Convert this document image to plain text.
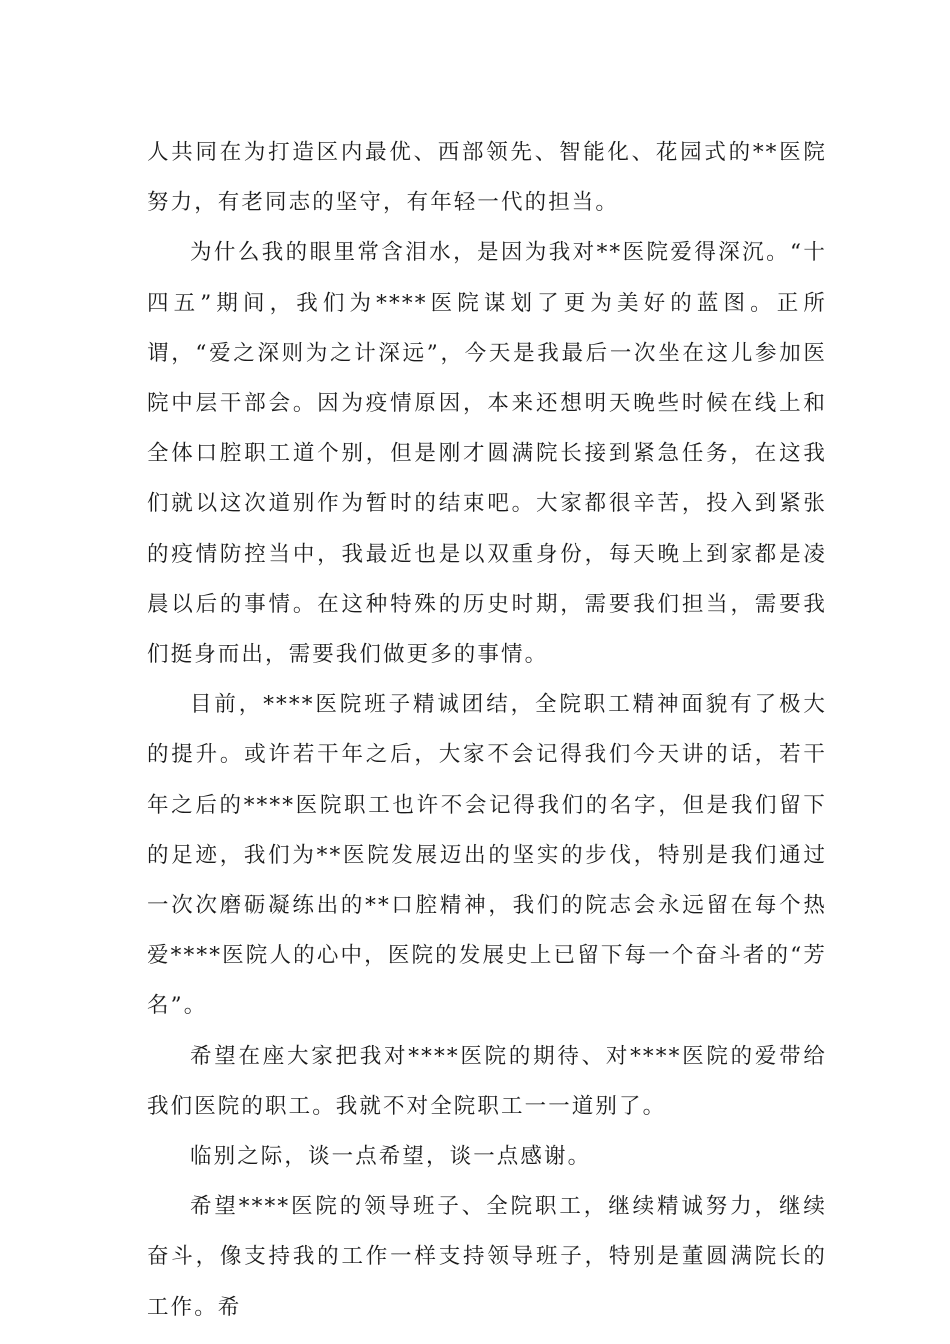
人共同在为打造区内最优、西部领先、智能化、花园式的**医院努力，有老同志的坚守，有年轻一代的担当。

为什么我的眼里常含泪水，是因为我对**医院爱得深沉。“十四五”期间，我们为****医院谋划了更为美好的蓝图。正所谓，“爱之深则为之计深远”，今天是我最后一次坐在这儿参加医院中层干部会。因为疫情原因，本来还想明天晚些时候在线上和全体口腔职工道个别，但是刚才圆满院长接到紧急任务，在这我们就以这次道别作为暂时的结束吧。大家都很辛苦，投入到紧张的疫情防控当中，我最近也是以双重身份，每天晚上到家都是凌晨以后的事情。在这种特殊的历史时期，需要我们担当，需要我们挺身而出，需要我们做更多的事情。

目前，****医院班子精诚团结，全院职工精神面貌有了极大的提升。或许若干年之后，大家不会记得我们今天讲的话，若干年之后的****医院职工也许不会记得我们的名字，但是我们留下的足迹，我们为**医院发展迈出的坚实的步伐，特别是我们通过一次次磨砺凝练出的**口腔精神，我们的院志会永远留在每个热爱****医院人的心中，医院的发展史上已留下每一个奋斗者的“芳名”。

希望在座大家把我对****医院的期待、对****医院的爱带给我们医院的职工。我就不对全院职工一一道别了。

临别之际，谈一点希望，谈一点感谢。

希望****医院的领导班子、全院职工，继续精诚努力，继续奋斗，像支持我的工作一样支持领导班子，特别是董圆满院长的工作。希
